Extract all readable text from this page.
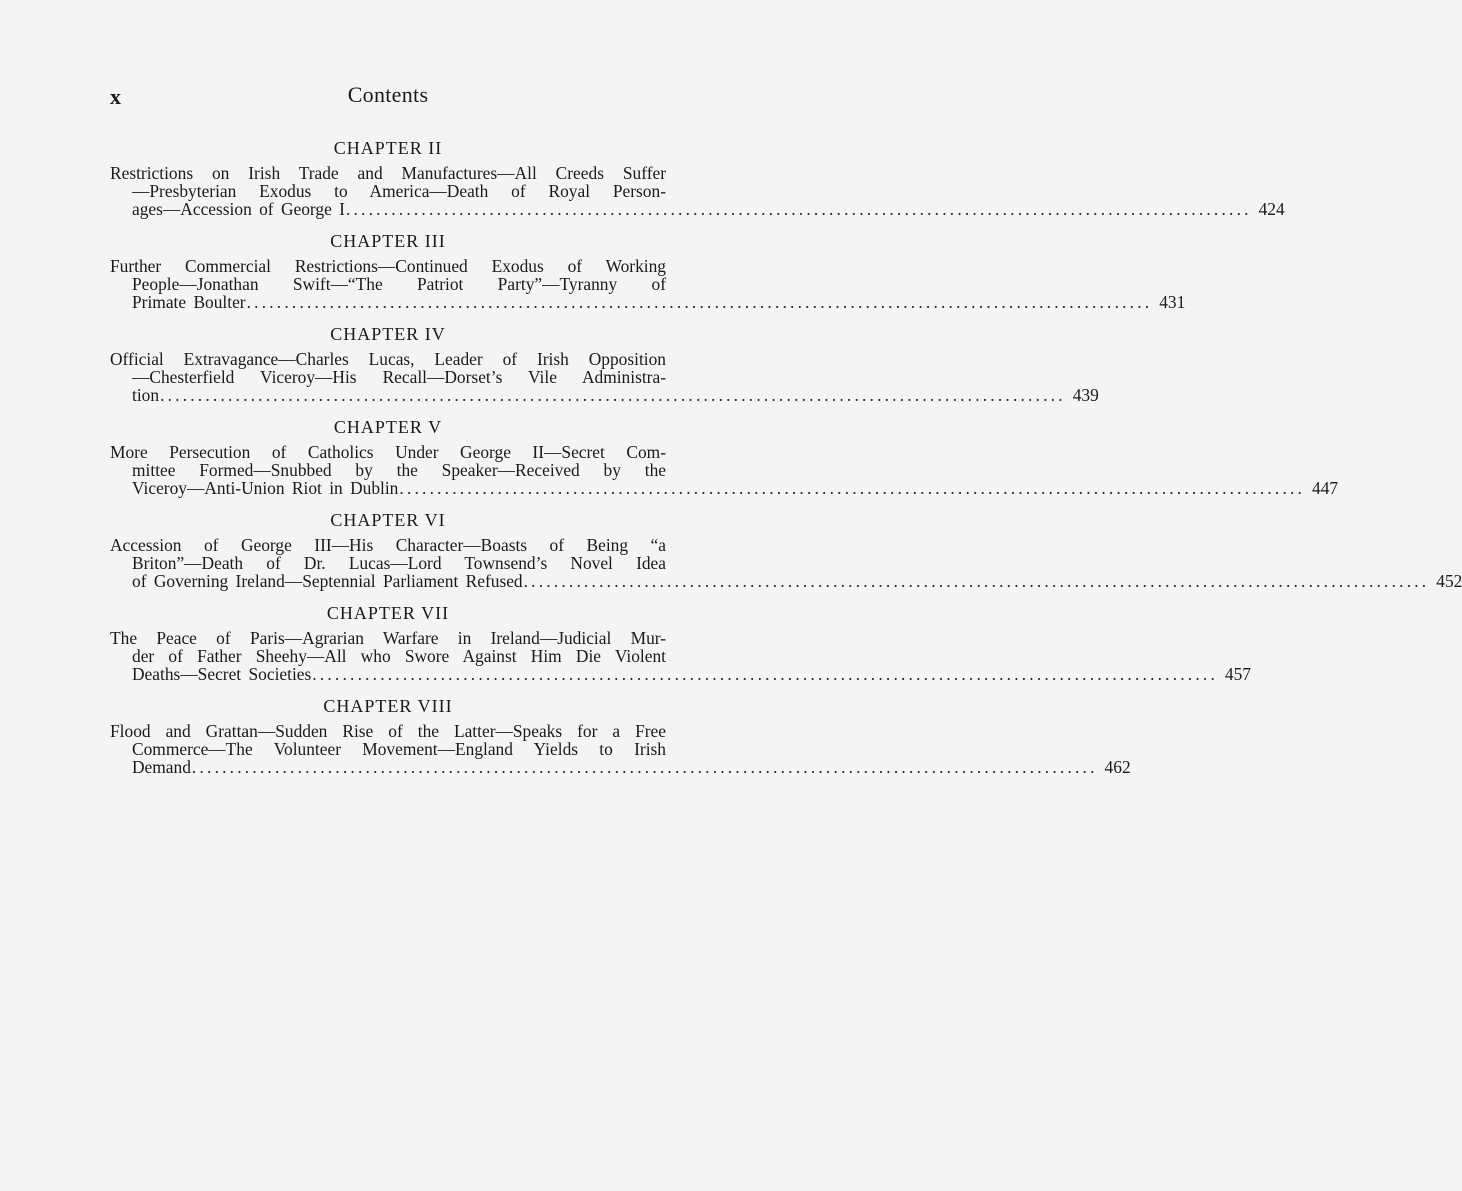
x	Contents
CHAPTER II
Restrictions on Irish Trade and Manufactures—All Creeds Suffer
—Presbyterian Exodus to America—Death of Royal Person-
ages—Accession of George I ........................................................................................................................ 424
CHAPTER III
Further Commercial Restrictions—Continued Exodus of Working
People—Jonathan Swift—“The Patriot Party”—Tyranny of
Primate Boulter ........................................................................................................................ 431
CHAPTER IV
Official Extravagance—Charles Lucas, Leader of Irish Opposition
—Chesterfield Viceroy—His Recall—Dorset’s Vile Administra-
tion ........................................................................................................................ 439
CHAPTER V
More Persecution of Catholics Under George II—Secret Com-
mittee Formed—Snubbed by the Speaker—Received by the
Viceroy—Anti-Union Riot in Dublin ........................................................................................................................ 447
CHAPTER VI
Accession of George III—His Character—Boasts of Being “a
Briton”—Death of Dr. Lucas—Lord Townsend’s Novel Idea
of Governing Ireland—Septennial Parliament Refused ........................................................................................................................ 452
CHAPTER VII
The Peace of Paris—Agrarian Warfare in Ireland—Judicial Mur-
der of Father Sheehy—All who Swore Against Him Die Violent
Deaths—Secret Societies ........................................................................................................................ 457
CHAPTER VIII
Flood and Grattan—Sudden Rise of the Latter—Speaks for a Free
Commerce—The Volunteer Movement—England Yields to Irish
Demand ........................................................................................................................ 462
